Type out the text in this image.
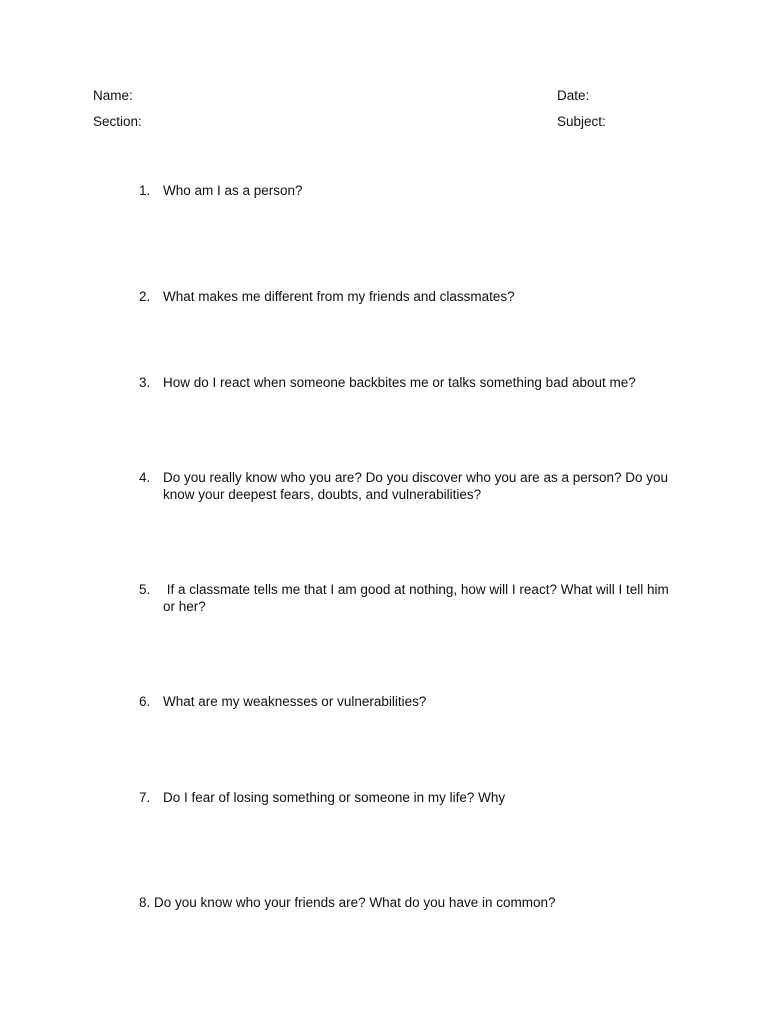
Name:	Date:
Section:	Subject:
1. Who am I as a person?
2. What makes me different from my friends and classmates?
3. How do I react when someone backbites me or talks something bad about me?
4. Do you really know who you are? Do you discover who you are as a person? Do you know your deepest fears, doubts, and vulnerabilities?
5. If a classmate tells me that I am good at nothing, how will I react? What will I tell him or her?
6. What are my weaknesses or vulnerabilities?
7. Do I fear of losing something or someone in my life? Why
8. Do you know who your friends are? What do you have in common?
